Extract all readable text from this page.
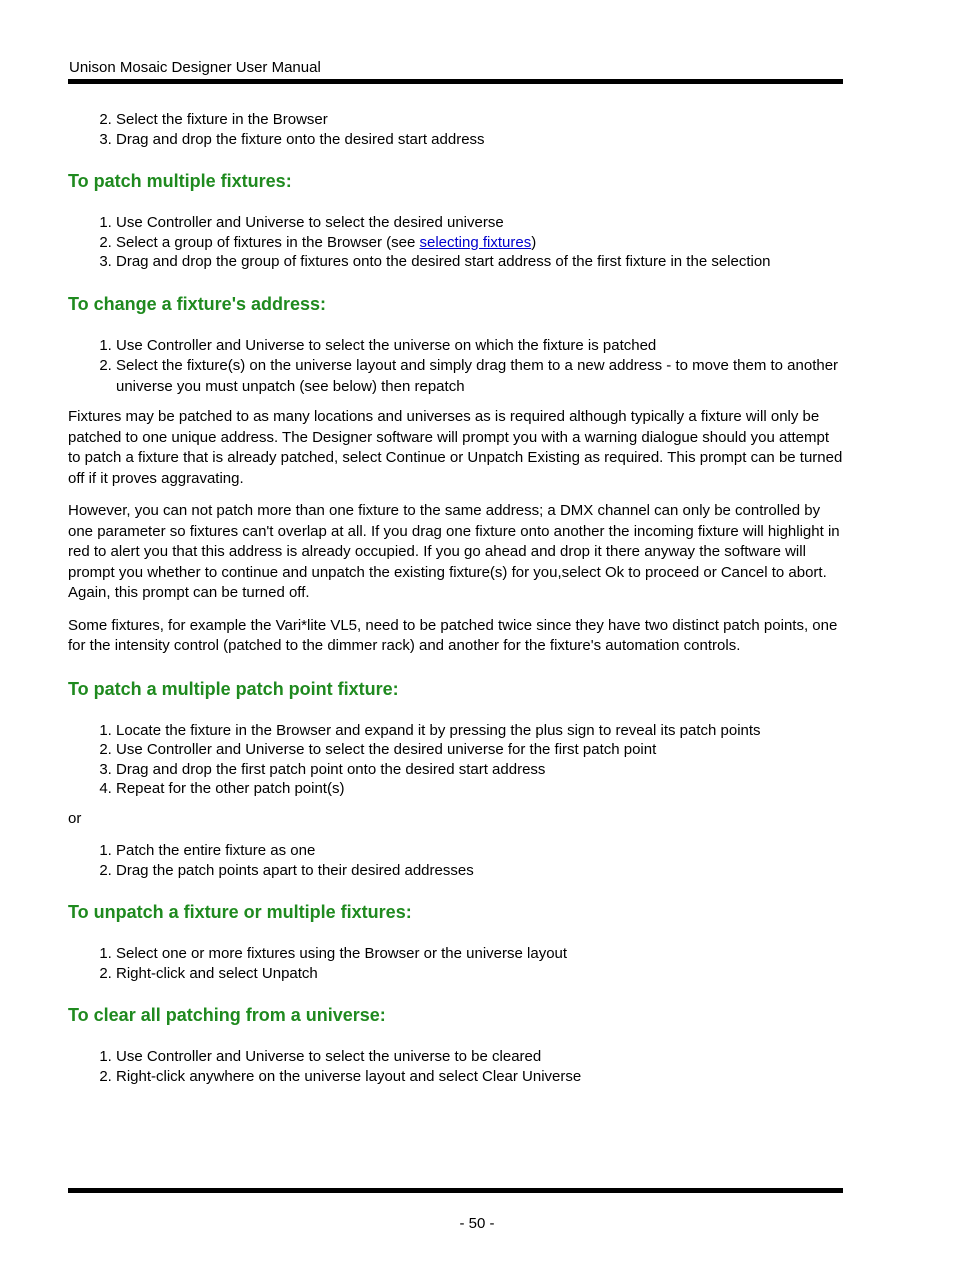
Unison Mosaic Designer User Manual
2. Select the fixture in the Browser
3. Drag and drop the fixture onto the desired start address
To patch multiple fixtures:
1. Use Controller and Universe to select the desired universe
2. Select a group of fixtures in the Browser (see selecting fixtures)
3. Drag and drop the group of fixtures onto the desired start address of the first fixture in the selection
To change a fixture's address:
1. Use Controller and Universe to select the universe on which the fixture is patched
2. Select the fixture(s) on the universe layout and simply drag them to a new address - to move them to another universe you must unpatch (see below) then repatch

Fixtures may be patched to as many locations and universes as is required although typically a fixture will only be patched to one unique address. The Designer software will prompt you with a warning dialogue should you attempt to patch a fixture that is already patched, select Continue or Unpatch Existing as required. This prompt can be turned off if it proves aggravating.

However, you can not patch more than one fixture to the same address; a DMX channel can only be controlled by one parameter so fixtures can't overlap at all. If you drag one fixture onto another the incoming fixture will highlight in red to alert you that this address is already occupied. If you go ahead and drop it there anyway the software will prompt you whether to continue and unpatch the existing fixture(s) for you,select Ok to proceed or Cancel to abort. Again, this prompt can be turned off.

Some fixtures, for example the Vari*lite VL5, need to be patched twice since they have two distinct patch points, one for the intensity control (patched to the dimmer rack) and another for the fixture's automation controls.

To patch a multiple patch point fixture:
1. Locate the fixture in the Browser and expand it by pressing the plus sign to reveal its patch points
2. Use Controller and Universe to select the desired universe for the first patch point
3. Drag and drop the first patch point onto the desired start address
4. Repeat for the other patch point(s)

or

1. Patch the entire fixture as one
2. Drag the patch points apart to their desired addresses
To unpatch a fixture or multiple fixtures:
1. Select one or more fixtures using the Browser or the universe layout
2. Right-click and select Unpatch
To clear all patching from a universe:
1. Use Controller and Universe to select the universe to be cleared
2. Right-click anywhere on the universe layout and select Clear Universe
- 50 -
